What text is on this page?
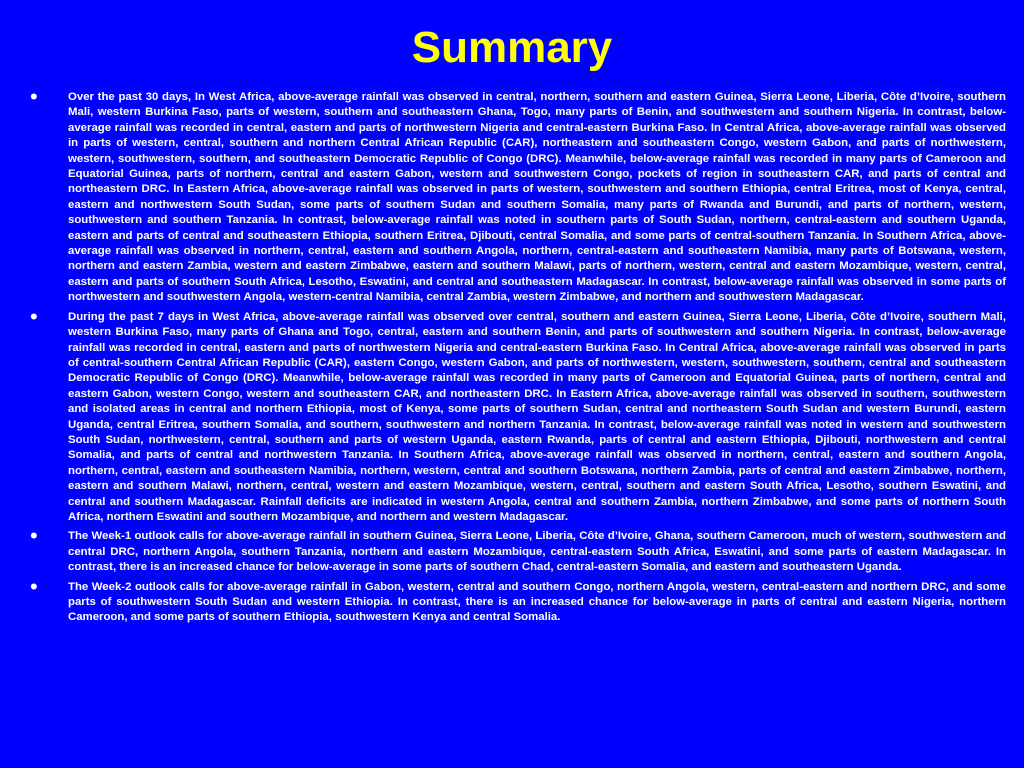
Summary
•	Over the past 30 days, In West Africa, above-average rainfall was observed in central, northern, southern and eastern Guinea, Sierra Leone, Liberia, Côte d’Ivoire, southern Mali, western Burkina Faso, parts of western, southern and southeastern Ghana, Togo, many parts of Benin, and southwestern and southern Nigeria. In contrast, below-average rainfall was recorded in central, eastern and parts of northwestern Nigeria and central-eastern Burkina Faso. In Central Africa, above-average rainfall was observed in parts of western, central, southern and northern Central African Republic (CAR), northeastern and southeastern Congo, western Gabon, and parts of northwestern, western, southwestern, southern, and southeastern Democratic Republic of Congo (DRC). Meanwhile, below-average rainfall was recorded in many parts of Cameroon and Equatorial Guinea, parts of northern, central and eastern Gabon, western and southwestern Congo, pockets of region in southeastern CAR, and parts of central and northeastern DRC. In Eastern Africa, above-average rainfall was observed in parts of western, southwestern and southern Ethiopia, central Eritrea, most of Kenya, central, eastern and northwestern South Sudan, some parts of southern Sudan and southern Somalia, many parts of Rwanda and Burundi, and parts of northern, western, southwestern and southern Tanzania. In contrast, below-average rainfall was noted in southern parts of South Sudan, northern, central-eastern and southern Uganda, eastern and parts of central and southeastern Ethiopia, southern Eritrea, Djibouti, central Somalia, and some parts of central-southern Tanzania. In Southern Africa, above-average rainfall was observed in northern, central, eastern and southern Angola, northern, central-eastern and southeastern Namibia, many parts of Botswana, western, northern and eastern Zambia, western and eastern Zimbabwe, eastern and southern Malawi, parts of northern, western, central and eastern Mozambique, western, central, eastern and parts of southern South Africa, Lesotho, Eswatini, and central and southeastern Madagascar. In contrast, below-average rainfall was observed in some parts of northwestern and southwestern Angola, western-central Namibia, central Zambia, western Zimbabwe, and northern and southwestern Madagascar.
•	During the past 7 days in West Africa, above-average rainfall was observed over central, southern and eastern Guinea, Sierra Leone, Liberia, Côte d’Ivoire, southern Mali, western Burkina Faso, many parts of Ghana and Togo, central, eastern and southern Benin, and parts of southwestern and southern Nigeria. In contrast, below-average rainfall was recorded in central, eastern and parts of northwestern Nigeria and central-eastern Burkina Faso. In Central Africa, above-average rainfall was observed in parts of central-southern Central African Republic (CAR), eastern Congo, western Gabon, and parts of northwestern, western, southwestern, southern, central and southeastern Democratic Republic of Congo (DRC). Meanwhile, below-average rainfall was recorded in many parts of Cameroon and Equatorial Guinea, parts of northern, central and eastern Gabon, western Congo, western and southeastern CAR, and northeastern DRC. In Eastern Africa, above-average rainfall was observed in southern, southwestern and isolated areas in central and northern Ethiopia, most of Kenya, some parts of southern Sudan, central and northeastern South Sudan and western Burundi, eastern Uganda, central Eritrea, southern Somalia, and southern, southwestern and northern Tanzania. In contrast, below-average rainfall was noted in western and southwestern South Sudan, northwestern, central, southern and parts of western Uganda, eastern Rwanda, parts of central and eastern Ethiopia, Djibouti, northwestern and central Somalia, and parts of central and northwestern Tanzania. In Southern Africa, above-average rainfall was observed in northern, central, eastern and southern Angola, northern, central, eastern and southeastern Namibia, northern, western, central and southern Botswana, northern Zambia, parts of central and eastern Zimbabwe, northern, eastern and southern Malawi, northern, central, western and eastern Mozambique, western, central, southern and eastern South Africa, Lesotho, southern Eswatini, and central and southern Madagascar. Rainfall deficits are indicated in western Angola, central and southern Zambia, northern Zimbabwe, and some parts of northern South Africa, northern Eswatini and southern Mozambique, and northern and western Madagascar.
•	The Week-1 outlook calls for above-average rainfall in southern Guinea, Sierra Leone, Liberia, Côte d’Ivoire, Ghana, southern Cameroon, much of western, southwestern and central DRC, northern Angola, southern Tanzania, northern and eastern Mozambique, central-eastern South Africa, Eswatini, and some parts of eastern Madagascar. In contrast, there is an increased chance for below-average in some parts of southern Chad, central-eastern Somalia, and eastern and southeastern Uganda.
•	The Week-2 outlook calls for above-average rainfall in Gabon, western, central and southern Congo, northern Angola, western, central-eastern and northern DRC, and some parts of southwestern South Sudan and western Ethiopia. In contrast, there is an increased chance for below-average in parts of central and eastern Nigeria, northern Cameroon, and some parts of southern Ethiopia, southwestern Kenya and central Somalia.
